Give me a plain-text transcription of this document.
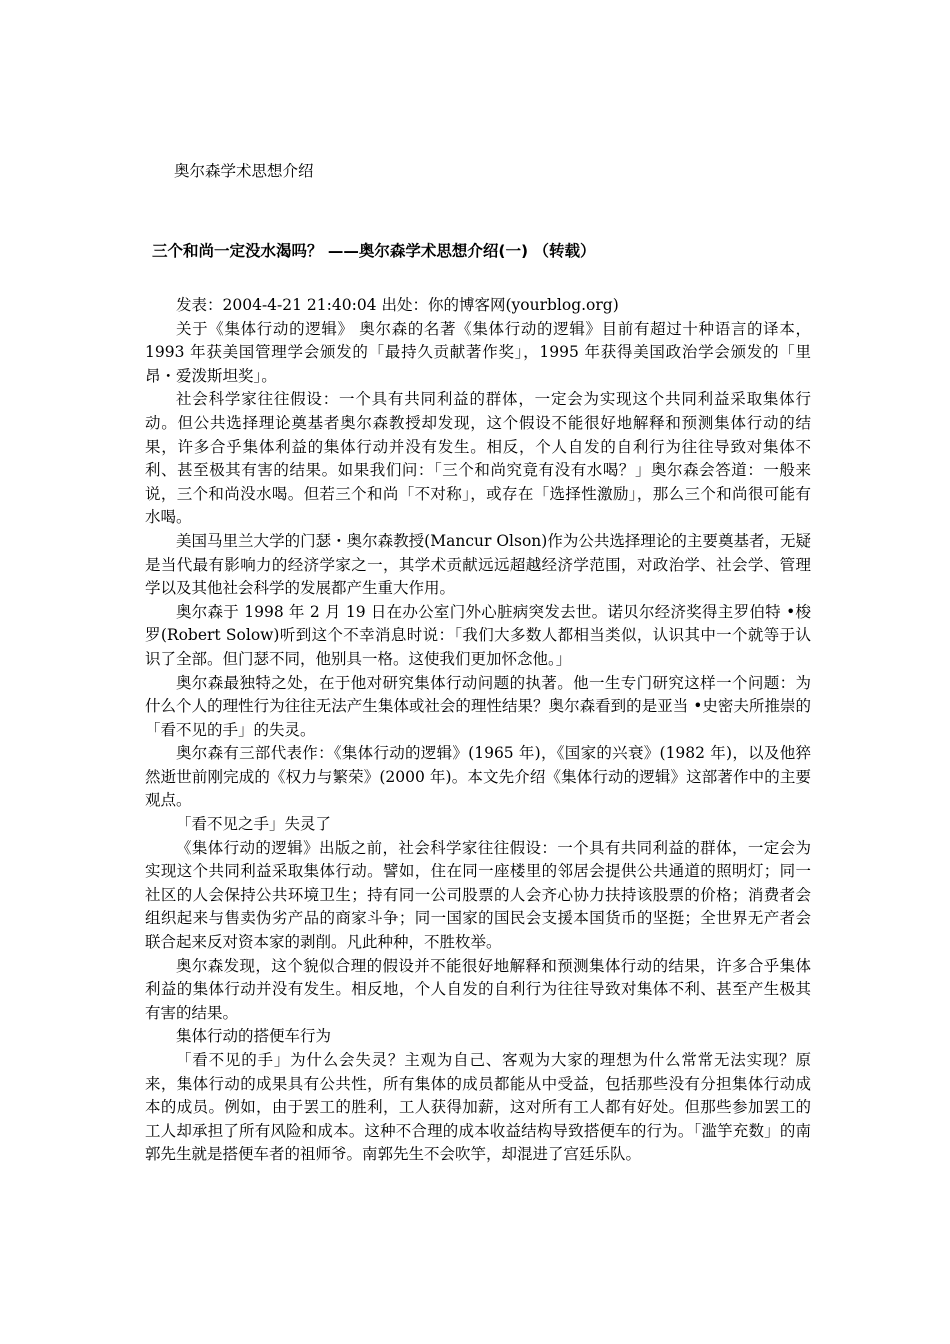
奥尔森学术思想介绍
三个和尚一定没水渴吗？ ——奥尔森学术思想介绍(一) （转载）

发表：2004-4-21 21:40:04 出处：你的博客网(yourblog.org)

关于《集体行动的逻辑》 奥尔森的名著《集体行动的逻辑》目前有超过十种语言的译本， 1993 年获美国管理学会颁发的「最持久贡献著作奖」，1995 年获得美国政治学会颁发的「里昂・爱泼斯坦奖」。

社会科学家往往假设：一个具有共同利益的群体，一定会为实现这个共同利益采取集体行动。但公共选择理论奠基者奥尔森教授却发现，这个假设不能很好地解释和预测集体行动的结果，许多合乎集体利益的集体行动并没有发生。相反，个人自发的自利行为往往导致对集体不利、甚至极其有害的结果。如果我们问：「三个和尚究竟有没有水喝？」奥尔森会答道：一般来说，三个和尚没水喝。但若三个和尚「不对称」，或存在「选择性激励」，那么三个和尚很可能有水喝。

美国马里兰大学的门瑟・奥尔森教授(Mancur Olson)作为公共选择理论的主要奠基者，无疑是当代最有影响力的经济学家之一，其学术贡献远远超越经济学范围，对政治学、社会学、管理学以及其他社会科学的发展都产生重大作用。

奥尔森于 1998 年 2 月 19 日在办公室门外心脏病突发去世。诺贝尔经济奖得主罗伯特 •梭罗(Robert Solow)听到这个不幸消息时说：「我们大多数人都相当类似，认识其中一个就等于认识了全部。但门瑟不同，他别具一格。这使我们更加怀念他。」

奥尔森最独特之处，在于他对研究集体行动问题的执著。他一生专门研究这样一个问题：为什么个人的理性行为往往无法产生集体或社会的理性结果？奥尔森看到的是亚当 •史密夫所推崇的「看不见的手」的失灵。

奥尔森有三部代表作：《集体行动的逻辑》(1965 年)，《国家的兴衰》(1982 年)，以及他猝然逝世前刚完成的《权力与繁荣》(2000 年)。本文先介绍《集体行动的逻辑》这部著作中的主要观点。

「看不见之手」失灵了

《集体行动的逻辑》出版之前，社会科学家往往假设：一个具有共同利益的群体，一定会为实现这个共同利益采取集体行动。譬如，住在同一座楼里的邻居会提供公共通道的照明灯；同一社区的人会保持公共环境卫生；持有同一公司股票的人会齐心协力扶持该股票的价格；消费者会组织起来与售卖伪劣产品的商家斗争；同一国家的国民会支援本国货币的坚挺；全世界无产者会联合起来反对资本家的剥削。凡此种种，不胜枚举。

奥尔森发现，这个貌似合理的假设并不能很好地解释和预测集体行动的结果，许多合乎集体利益的集体行动并没有发生。相反地，个人自发的自利行为往往导致对集体不利、甚至产生极其有害的结果。

集体行动的搭便车行为

「看不见的手」为什么会失灵？主观为自己、客观为大家的理想为什么常常无法实现？原来，集体行动的成果具有公共性，所有集体的成员都能从中受益，包括那些没有分担集体行动成本的成员。例如，由于罢工的胜利，工人获得加薪，这对所有工人都有好处。但那些参加罢工的工人却承担了所有风险和成本。这种不合理的成本收益结构导致搭便车的行为。「滥竽充数」的南郭先生就是搭便车者的祖师爷。南郭先生不会吹竽，却混进了宫廷乐队。
